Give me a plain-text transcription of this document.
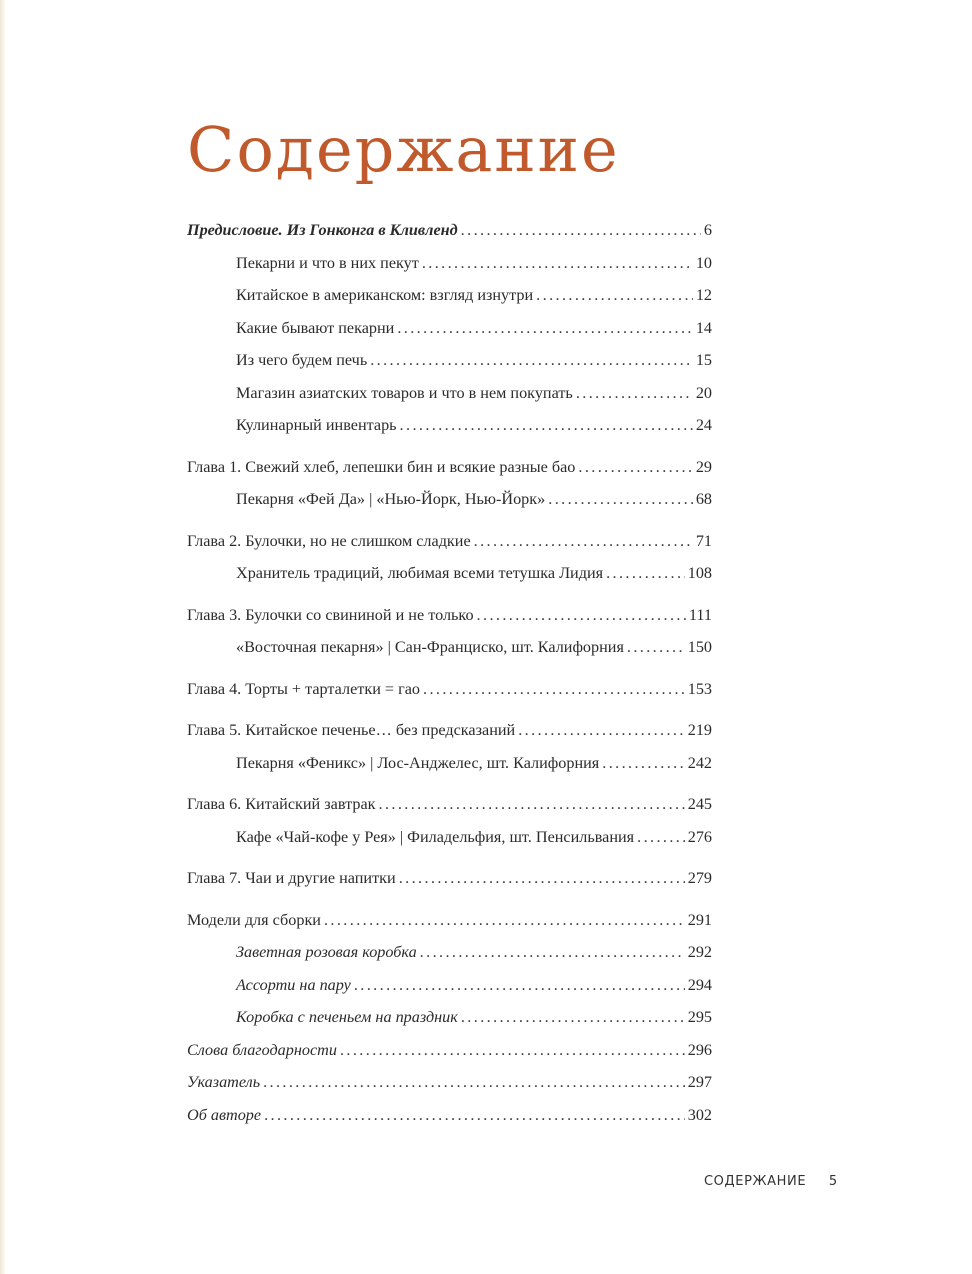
Содержание
Предисловие. Из Гонконга в Кливленд .....	6
Пекарни и что в них пекут .....	10
Китайское в американском: взгляд изнутри .....	12
Какие бывают пекарни .....	14
Из чего будем печь .....	15
Магазин азиатских товаров и что в нем покупать .....	20
Кулинарный инвентарь .....	24
Глава 1. Свежий хлеб, лепешки бин и всякие разные бао .....	29
Пекарня «Фей Да» | «Нью-Йорк, Нью-Йорк» .....	68
Глава 2. Булочки, но не слишком сладкие .....	71
Хранитель традиций, любимая всеми тетушка Лидия .....	108
Глава 3. Булочки со свининой и не только .....	111
«Восточная пекарня» | Сан-Франциско, шт. Калифорния .....	150
Глава 4. Торты + тарталетки = гао .....	153
Глава 5. Китайское печенье… без предсказаний .....	219
Пекарня «Феникс» | Лос-Анджелес, шт. Калифорния .....	242
Глава 6. Китайский завтрак .....	245
Кафе «Чай-кофе у Рея» | Филадельфия, шт. Пенсильвания .....	276
Глава 7. Чаи и другие напитки .....	279
Модели для сборки .....	291
Заветная розовая коробка .....	292
Ассорти на пару .....	294
Коробка с печеньем на праздник .....	295
Слова благодарности .....	296
Указатель .....	297
Об авторе .....	302
СОДЕРЖАНИЕ 5
